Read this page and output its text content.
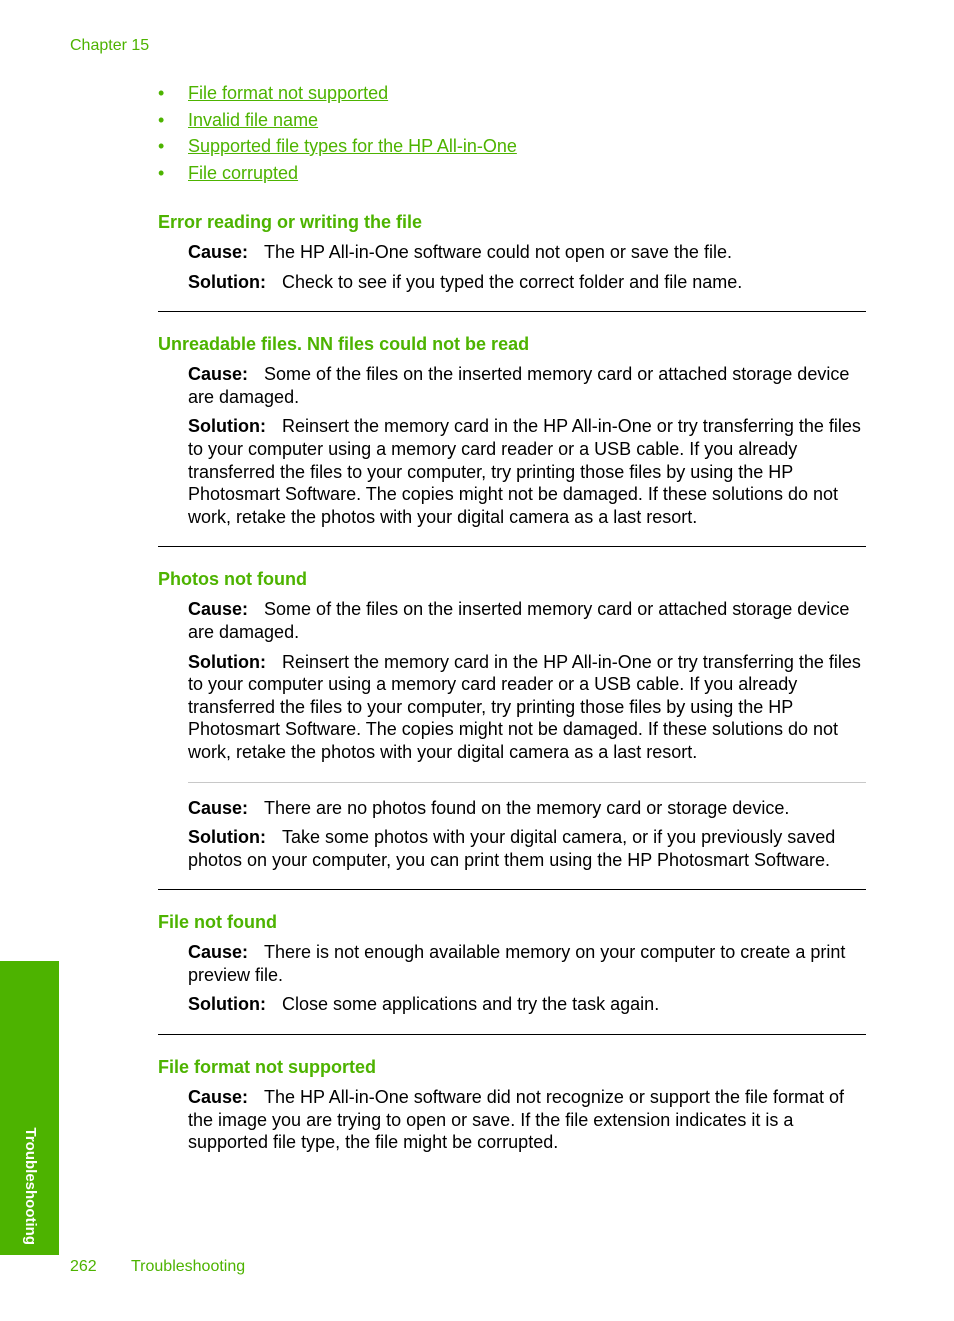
Chapter 15
• File format not supported
• Invalid file name
• Supported file types for the HP All-in-One
• File corrupted
Error reading or writing the file

Cause: The HP All-in-One software could not open or save the file.

Solution: Check to see if you typed the correct folder and file name.

Unreadable files. NN files could not be read

Cause: Some of the files on the inserted memory card or attached storage device are damaged.

Solution: Reinsert the memory card in the HP All-in-One or try transferring the files to your computer using a memory card reader or a USB cable. If you already transferred the files to your computer, try printing those files by using the HP Photosmart Software. The copies might not be damaged. If these solutions do not work, retake the photos with your digital camera as a last resort.

Photos not found

Cause: Some of the files on the inserted memory card or attached storage device are damaged.

Solution: Reinsert the memory card in the HP All-in-One or try transferring the files to your computer using a memory card reader or a USB cable. If you already transferred the files to your computer, try printing those files by using the HP Photosmart Software. The copies might not be damaged. If these solutions do not work, retake the photos with your digital camera as a last resort.

Cause: There are no photos found on the memory card or storage device.

Solution: Take some photos with your digital camera, or if you previously saved photos on your computer, you can print them using the HP Photosmart Software.

File not found

Cause: There is not enough available memory on your computer to create a print preview file.

Solution: Close some applications and try the task again.

File format not supported

Cause: The HP All-in-One software did not recognize or support the file format of the image you are trying to open or save. If the file extension indicates it is a supported file type, the file might be corrupted.

Troubleshooting
262 Troubleshooting
